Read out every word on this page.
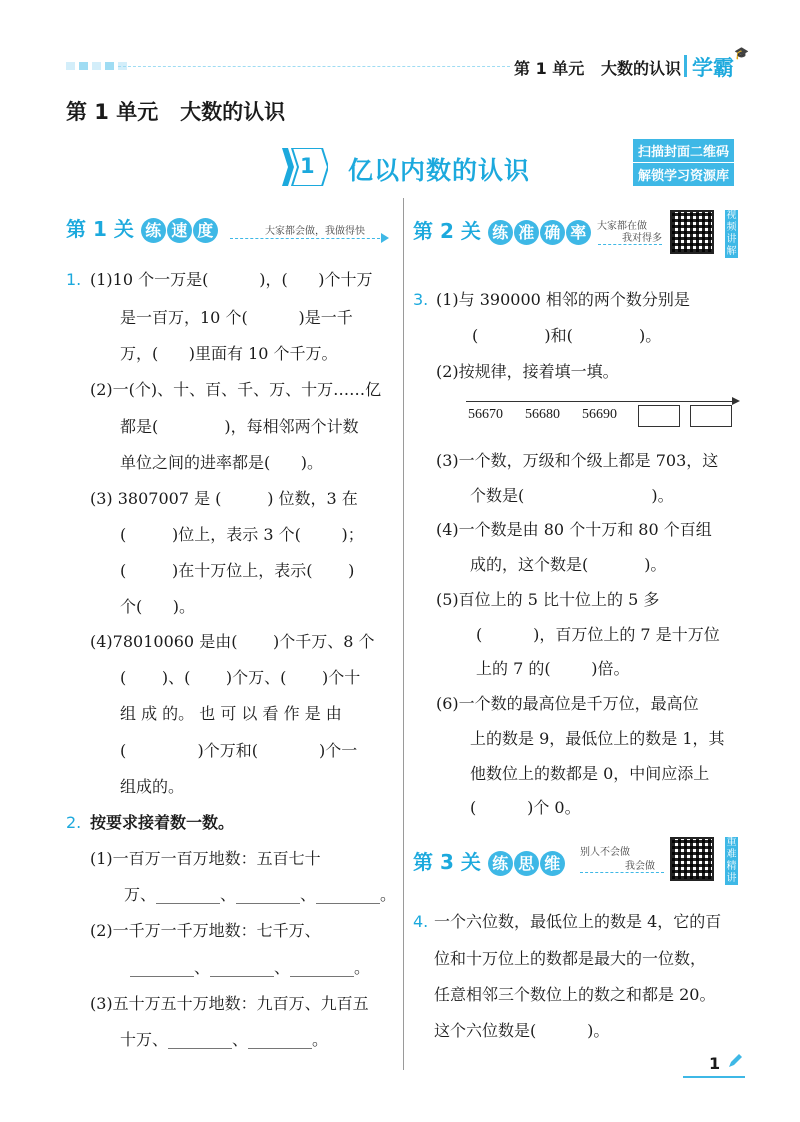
第 1 单元   大数的认识 学霸
🎓
第 1 单元   大数的认识
1 亿以内数的认识
扫描封面二维码
解锁学习资源库
第 1 关 练 速 度	大家都会做，我做得快 第 2 关 练 准 确 率	大家都在做
我对得多
视频讲解
1. (1)10 个一万是(          )，(      )个十万
是一百万，10 个(          )是一千
万，(      )里面有 10 个千万。
(2)一(个)、十、百、千、万、十万……亿
都是(             )，每相邻两个计数
单位之间的进率都是(      )。
(3) 3807007 是 (         ) 位数，3 在
(         )位上，表示 3 个(        )；
(         )在十万位上，表示(       )
个(      )。
(4)78010060 是由(       )个千万、8 个
(       )、(       )个万、(       )个十
组 成 的。 也 可 以 看 作 是 由
(              )个万和(            )个一
组成的。
2. 按要求接着数一数。
(1)一百万一百万地数：五百七十
万、________、________、________。
(2)一千万一千万地数：七千万、
________、________、________。
(3)五十万五十万地数：九百万、九百五
十万、________、________。
3. (1)与 390000 相邻的两个数分别是
(             )和(             )。
(2)按规律，接着填一填。
56670 56680 56690
(3)一个数，万级和个级上都是 703，这
个数是(                         )。
(4)一个数是由 80 个十万和 80 个百组
成的，这个数是(           )。
(5)百位上的 5 比十位上的 5 多
(          )，百万位上的 7 是十万位
上的 7 的(        )倍。
(6)一个数的最高位是千万位，最高位
上的数是 9，最低位上的数是 1，其
他数位上的数都是 0，中间应添上
(          )个 0。
第 3 关 练 思 维
别人不会做
我会做
重难精讲
4. 一个六位数，最低位上的数是 4，它的百
位和十万位上的数都是最大的一位数，
任意相邻三个数位上的数之和都是 20。
这个六位数是(          )。
1
